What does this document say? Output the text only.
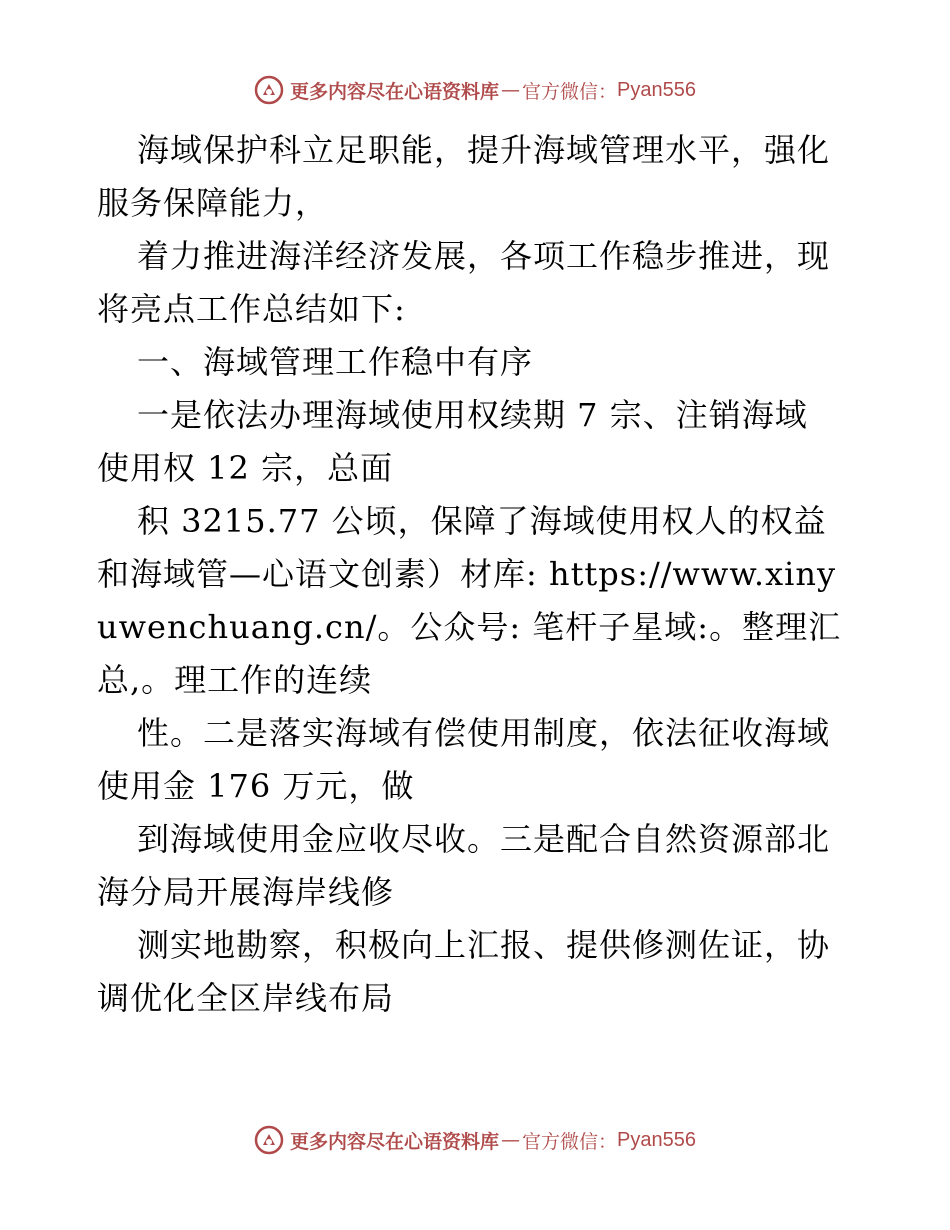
更多内容尽在心语资料库 — 官方微信： Pyan556
海域保护科立足职能，提升海域管理水平，强化
服务保障能力，
着力推进海洋经济发展，各项工作稳步推进，现
将亮点工作总结如下:
一、海域管理工作稳中有序
一是依法办理海域使用权续期 7 宗、注销海域
使用权 12 宗，总面
积 3215.77 公顷，保障了海域使用权人的权益
和海域管—心语文创素）材库: https://www.xiny
uwenchuang.cn/。公众号: 笔杆子星域:。整理汇
总,。理工作的连续
性。二是落实海域有偿使用制度，依法征收海域
使用金 176 万元，做
到海域使用金应收尽收。三是配合自然资源部北
海分局开展海岸线修
测实地勘察，积极向上汇报、提供修测佐证，协
调优化全区岸线布局
更多内容尽在心语资料库 — 官方微信： Pyan556
